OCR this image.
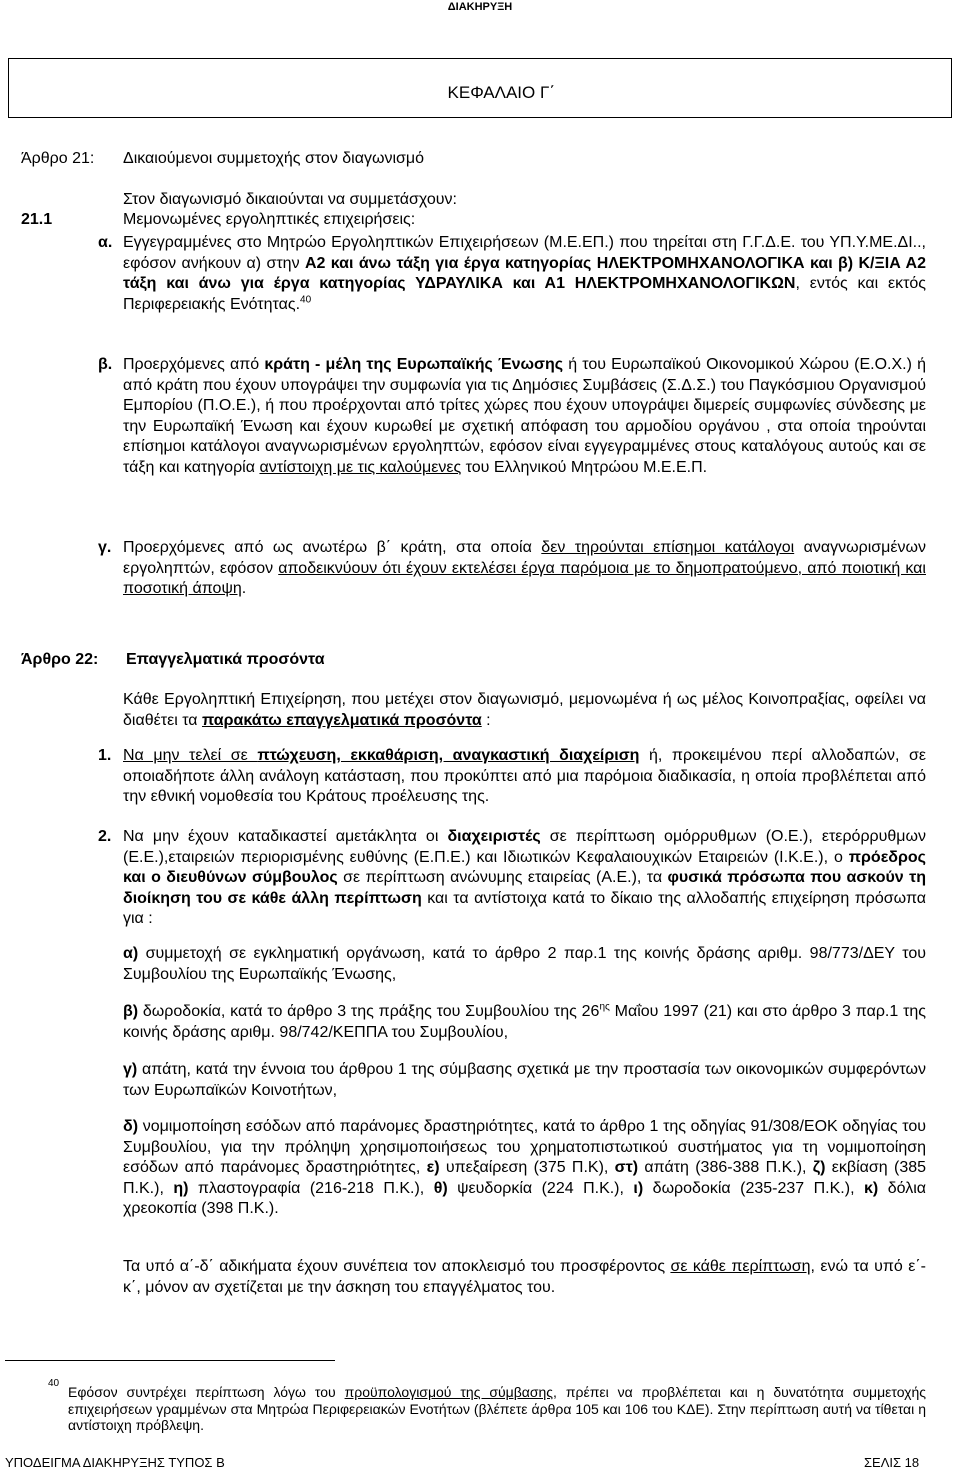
ΔΙΑΚΗΡΥΞΗ
ΚΕΦΑΛΑΙΟ Γ΄
Άρθρο 21: Δικαιούμενοι συμμετοχής στον διαγωνισμό
Στον διαγωνισμό δικαιούνται να συμμετάσχουν:
21.1	Μεμονωμένες εργοληπτικές επιχειρήσεις:
α. Εγγεγραμμένες στο Μητρώο Εργοληπτικών Επιχειρήσεων (Μ.Ε.ΕΠ.) που τηρείται στη Γ.Γ.Δ.Ε. του ΥΠ.Υ.ΜΕ.ΔΙ.., εφόσον ανήκουν α) στην Α2 και άνω τάξη για έργα κατηγορίας ΗΛΕΚΤΡΟΜΗΧΑΝΟΛΟΓΙΚΑ και β) Κ/ΞΙΑ Α2 τάξη και άνω για έργα κατηγορίας ΥΔΡΑΥΛΙΚΑ και Α1 ΗΛΕΚΤΡΟΜΗΧΑΝΟΛΟΓΙΚΩΝ, εντός και εκτός Περιφερειακής Ενότητας.$^{40}$
β. Προερχόμενες από κράτη - μέλη της Ευρωπαϊκής Ένωσης ή του Ευρωπαϊκού Οικονομικού Χώρου (Ε.Ο.Χ.) ή από κράτη που έχουν υπογράψει την συμφωνία για τις Δημόσιες Συμβάσεις (Σ.Δ.Σ.) του Παγκόσμιου Οργανισμού Εμπορίου (Π.Ο.Ε.), ή που προέρχονται από τρίτες χώρες που έχουν υπογράψει διμερείς συμφωνίες σύνδεσης με την Ευρωπαϊκή Ένωση και έχουν κυρωθεί με σχετική απόφαση του αρμοδίου οργάνου , στα οποία τηρούνται επίσημοι κατάλογοι αναγνωρισμένων εργοληπτών, εφόσον είναι εγγεγραμμένες στους καταλόγους αυτούς και σε τάξη και κατηγορία αντίστοιχη με τις καλούμενες του Ελληνικού Μητρώου Μ.Ε.Ε.Π.
γ. Προερχόμενες από ως ανωτέρω β΄ κράτη, στα οποία δεν τηρούνται επίσημοι κατάλογοι αναγνωρισμένων εργοληπτών, εφόσον αποδεικνύουν ότι έχουν εκτελέσει έργα παρόμοια με το δημοπρατούμενο, από ποιοτική και ποσοτική άποψη.
Άρθρο 22: Επαγγελματικά προσόντα
Κάθε Εργοληπτική Επιχείρηση, που μετέχει στον διαγωνισμό, μεμονωμένα ή ως μέλος Κοινοπραξίας, οφείλει να διαθέτει τα παρακάτω επαγγελματικά προσόντα :
1. Να μην τελεί σε πτώχευση, εκκαθάριση, αναγκαστική διαχείριση ή, προκειμένου περί αλλοδαπών, σε οποιαδήποτε άλλη ανάλογη κατάσταση, που προκύπτει από μια παρόμοια διαδικασία, η οποία προβλέπεται από την εθνική νομοθεσία του Κράτους προέλευσης της.
2. Να μην έχουν καταδικαστεί αμετάκλητα οι διαχειριστές σε περίπτωση ομόρρυθμων (Ο.Ε.), ετερόρρυθμων (Ε.Ε.),εταιρειών περιορισμένης ευθύνης (Ε.Π.Ε.) και Ιδιωτικών Κεφαλαιουχικών Εταιρειών (Ι.Κ.Ε.), ο πρόεδρος και ο διευθύνων σύμβουλος σε περίπτωση ανώνυμης εταιρείας (Α.Ε.), τα φυσικά πρόσωπα που ασκούν τη διοίκηση του σε κάθε άλλη περίπτωση και τα αντίστοιχα κατά το δίκαιο της αλλοδαπής επιχείρηση πρόσωπα για :
α) συμμετοχή σε εγκληματική οργάνωση, κατά το άρθρο 2 παρ.1 της κοινής δράσης αριθμ. 98/773/ΔΕΥ του Συμβουλίου της Ευρωπαϊκής Ένωσης,
β) δωροδοκία, κατά το άρθρο 3 της πράξης του Συμβουλίου της $26^{\eta\varsigma}$ Μαΐου 1997 (21) και στο άρθρο 3 παρ.1 της κοινής δράσης αριθμ. 98/742/ΚΕΠΠΑ του Συμβουλίου,
γ) απάτη, κατά την έννοια του άρθρου 1 της σύμβασης σχετικά με την προστασία των οικονομικών συμφερόντων των Ευρωπαϊκών Κοινοτήτων,
δ) νομιμοποίηση εσόδων από παράνομες δραστηριότητες, κατά το άρθρο 1 της οδηγίας 91/308/ΕΟΚ οδηγίας του Συμβουλίου, για την πρόληψη χρησιμοποιήσεως του χρηματοπιστωτικού συστήματος για τη νομιμοποίηση εσόδων από παράνομες δραστηριότητες, ε) υπεξαίρεση (375 Π.Κ), στ) απάτη (386-388 Π.Κ.), ζ) εκβίαση (385 Π.Κ.), η) πλαστογραφία (216-218 Π.Κ.), θ) ψευδορκία (224 Π.Κ.), ι) δωροδοκία (235-237 Π.Κ.), κ) δόλια χρεοκοπία (398 Π.Κ.).
Τα υπό α΄-δ΄ αδικήματα έχουν συνέπεια τον αποκλεισμό του προσφέροντος σε κάθε περίπτωση, ενώ τα υπό ε΄-κ΄, μόνον αν σχετίζεται με την άσκηση του επαγγέλματος του.
40
Εφόσον συντρέχει περίπτωση λόγω του προϋπολογισμού της σύμβασης, πρέπει να προβλέπεται και η δυνατότητα συμμετοχής επιχειρήσεων γραμμένων στα Μητρώα Περιφερειακών Ενοτήτων (βλέπετε άρθρα 105 και 106 του ΚΔΕ). Στην περίπτωση αυτή να τίθεται η αντίστοιχη πρόβλεψη.
ΥΠΟΔΕΙΓΜΑ ΔΙΑΚΗΡΥΞΗΣ ΤΥΠΟΣ Β	ΣΕΛΙΣ 18
